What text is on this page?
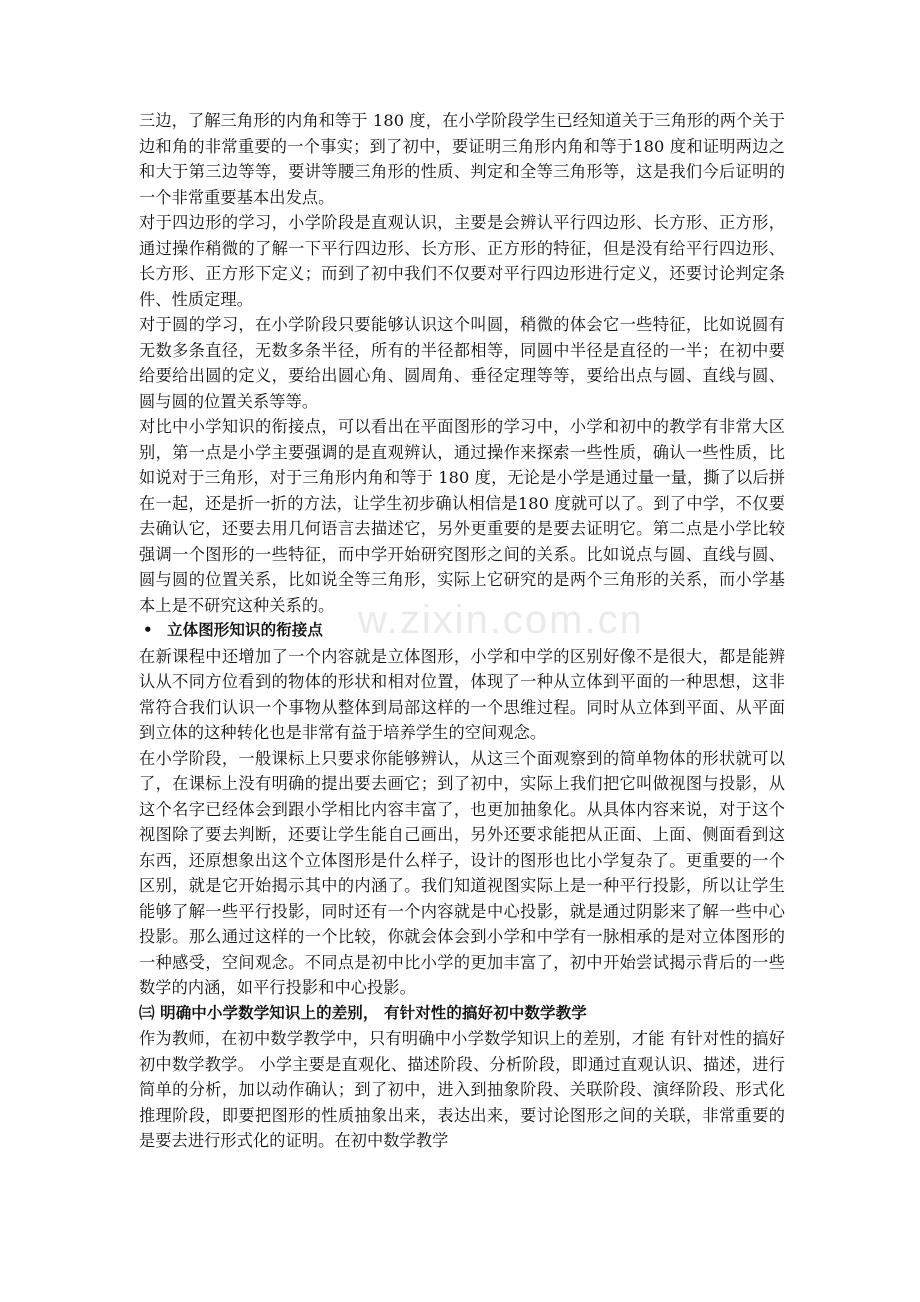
w.zixin.com.cn

三边，了解三角形的内角和等于 180 度，在小学阶段学生已经知道关于三角形的两个关于边和角的非常重要的一个事实；到了初中，要证明三角形内角和等于180 度和证明两边之和大于第三边等等，要讲等腰三角形的性质、判定和全等三角形等，这是我们今后证明的一个非常重要基本出发点。

对于四边形的学习，小学阶段是直观认识，主要是会辨认平行四边形、长方形、正方形，通过操作稍微的了解一下平行四边形、长方形、正方形的特征，但是没有给平行四边形、长方形、正方形下定义；而到了初中我们不仅要对平行四边形进行定义，还要讨论判定条件、性质定理。

对于圆的学习，在小学阶段只要能够认识这个叫圆，稍微的体会它一些特征，比如说圆有无数多条直径，无数多条半径，所有的半径都相等，同圆中半径是直径的一半；在初中要给要给出圆的定义，要给出圆心角、圆周角、垂径定理等等，要给出点与圆、直线与圆、圆与圆的位置关系等等。

对比中小学知识的衔接点，可以看出在平面图形的学习中，小学和初中的教学有非常大区别，第一点是小学主要强调的是直观辨认，通过操作来探索一些性质，确认一些性质，比如说对于三角形，对于三角形内角和等于 180 度，无论是小学是通过量一量，撕了以后拼在一起，还是折一折的方法，让学生初步确认相信是180 度就可以了。到了中学，不仅要去确认它，还要去用几何语言去描述它，另外更重要的是要去证明它。第二点是小学比较强调一个图形的一些特征，而中学开始研究图形之间的关系。比如说点与圆、直线与圆、圆与圆的位置关系，比如说全等三角形，实际上它研究的是两个三角形的关系，而小学基本上是不研究这种关系的。

• 立体图形知识的衔接点

在新课程中还增加了一个内容就是立体图形，小学和中学的区别好像不是很大，都是能辨认从不同方位看到的物体的形状和相对位置，体现了一种从立体到平面的一种思想，这非常符合我们认识一个事物从整体到局部这样的一个思维过程。同时从立体到平面、从平面到立体的这种转化也是非常有益于培养学生的空间观念。

在小学阶段，一般课标上只要求你能够辨认，从这三个面观察到的简单物体的形状就可以了，在课标上没有明确的提出要去画它；到了初中，实际上我们把它叫做视图与投影，从这个名字已经体会到跟小学相比内容丰富了，也更加抽象化。从具体内容来说，对于这个视图除了要去判断，还要让学生能自己画出，另外还要求能把从正面、上面、侧面看到这东西，还原想象出这个立体图形是什么样子，设计的图形也比小学复杂了。更重要的一个区别，就是它开始揭示其中的内涵了。我们知道视图实际上是一种平行投影，所以让学生能够了解一些平行投影，同时还有一个内容就是中心投影，就是通过阴影来了解一些中心投影。那么通过这样的一个比较，你就会体会到小学和中学有一脉相承的是对立体图形的一种感受，空间观念。不同点是初中比小学的更加丰富了，初中开始尝试揭示背后的一些数学的内涵，如平行投影和中心投影。

㈢ 明确中小学数学知识上的差别， 有针对性的搞好初中数学教学

作为教师，在初中数学教学中，只有明确中小学数学知识上的差别，才能 有针对性的搞好初中数学教学。 小学主要是直观化、描述阶段、分析阶段，即通过直观认识、描述，进行简单的分析，加以动作确认；到了初中，进入到抽象阶段、关联阶段、演绎阶段、形式化推理阶段，即要把图形的性质抽象出来，表达出来，要讨论图形之间的关联，非常重要的是要去进行形式化的证明。在初中数学教学
